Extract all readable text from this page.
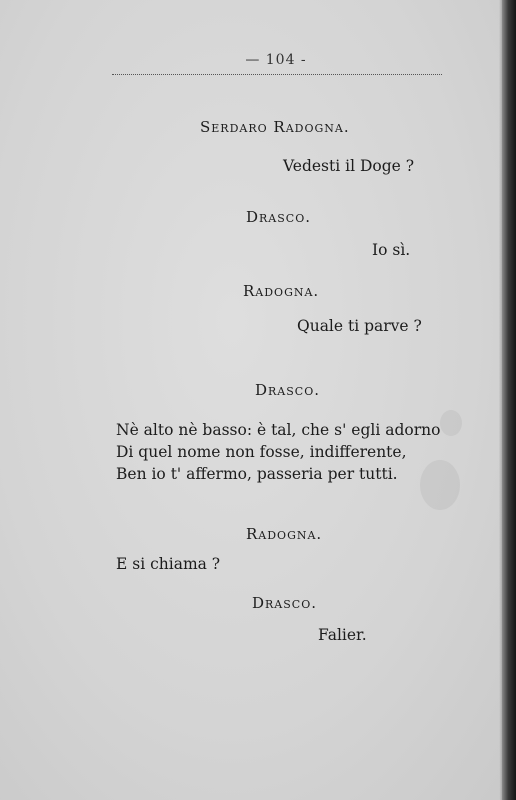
— 104 -
Serdaro Radogna.
Vedesti il Doge ?
Drasco.
Io sì.
Radogna.
Quale ti parve ?
Drasco.
Nè alto nè basso: è tal, che s' egli adorno
Di quel nome non fosse, indifferente,
Ben io t' affermo, passeria per tutti.
Radogna.
E si chiama ?
Drasco.
Falier.
